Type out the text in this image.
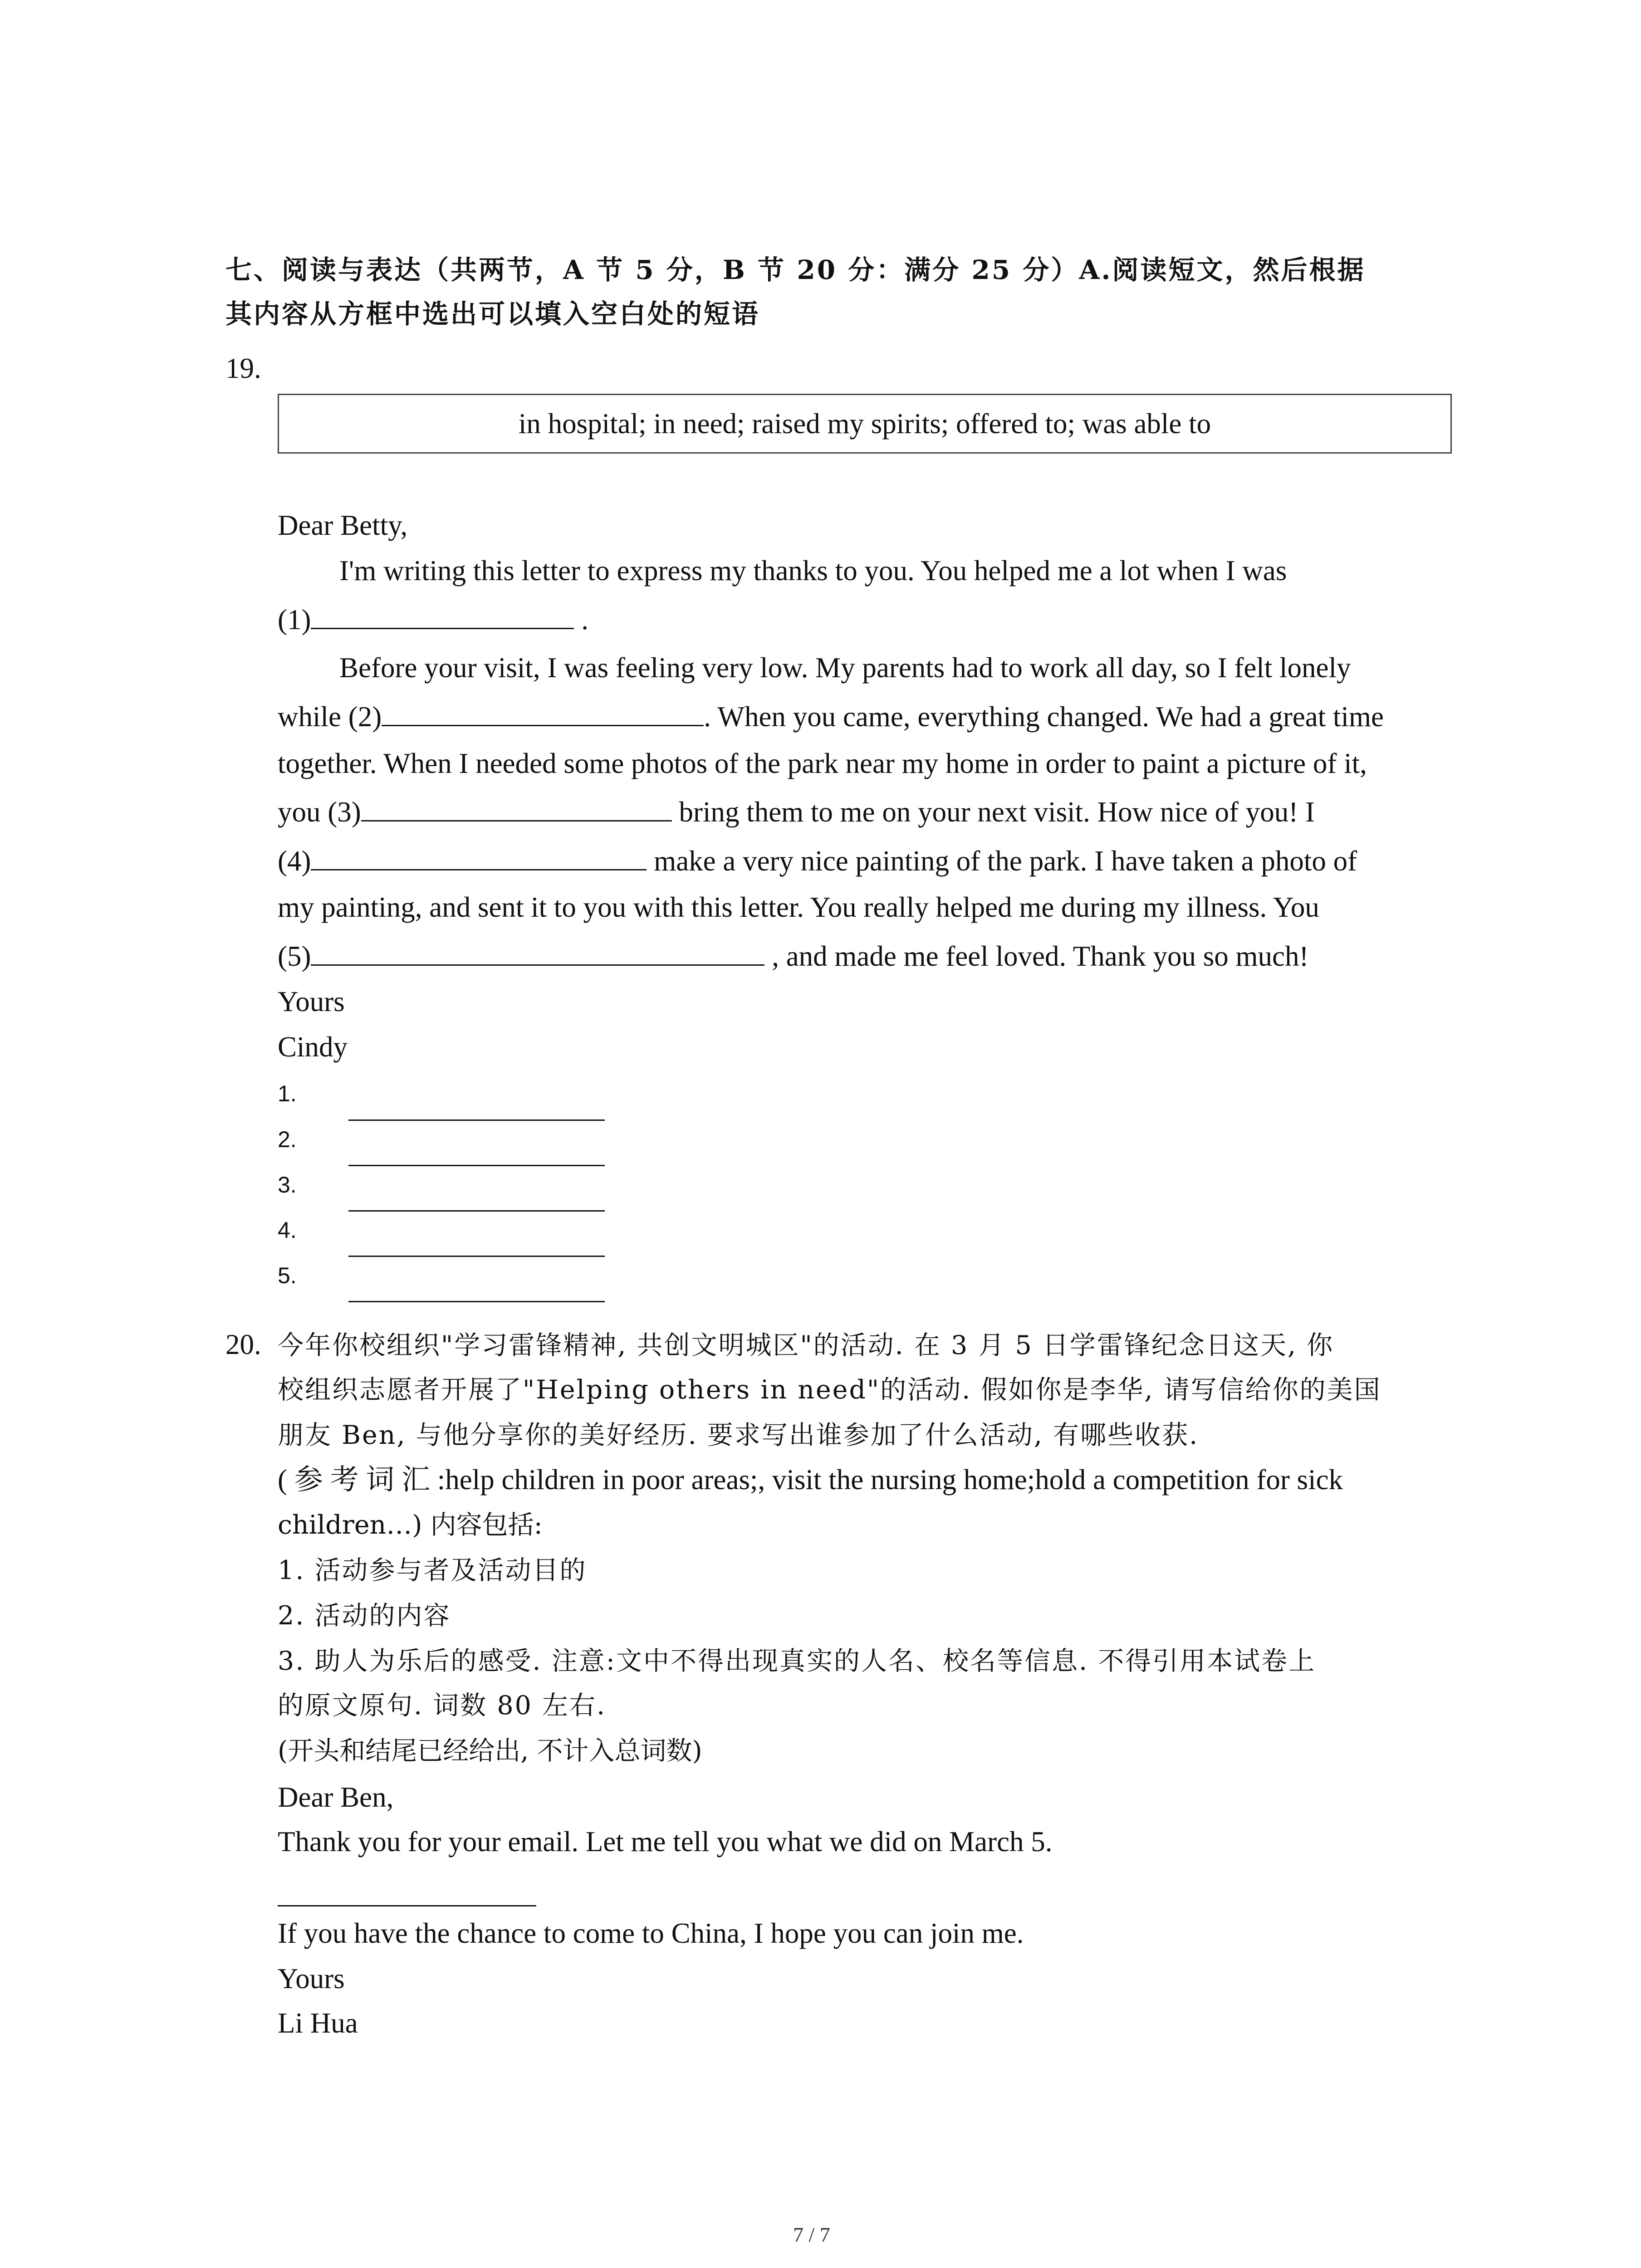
七、阅读与表达（共两节，A 节 5 分，B 节 20 分：满分 25 分）A.阅读短文，然后根据
其内容从方框中选出可以填入空白处的短语
19.
in hospital; in need; raised my spirits; offered to; was able to
Dear Betty,
I'm writing this letter to express my thanks to you. You helped me a lot when I was
(1)	.
Before your visit, I was feeling very low. My parents had to work all day, so I felt lonely
while (2)	. When you came, everything changed. We had a great time
together. When I needed some photos of the park near my home in order to paint a picture of it,
you (3)	bring them to me on your next visit. How nice of you! I
(4)	make a very nice painting of the park. I have taken a photo of
my painting, and sent it to you with this letter. You really helped me during my illness. You
(5)	, and made me feel loved. Thank you so much!
Yours
Cindy
1.
2.
3.
4.
5.
20. 今年你校组织"学习雷锋精神, 共创文明城区"的活动. 在 3 月 5 日学雷锋纪念日这天, 你
校组织志愿者开展了"Helping others in need"的活动. 假如你是李华, 请写信给你的美国
朋友 Ben, 与他分享你的美好经历. 要求写出谁参加了什么活动, 有哪些收获.
( 参 考 词 汇 :help children in poor areas;, visit the nursing home;hold a competition for sick
children…) 内容包括:
1. 活动参与者及活动目的
2. 活动的内容
3. 助人为乐后的感受. 注意:文中不得出现真实的人名、校名等信息. 不得引用本试卷上
的原文原句. 词数 80 左右.
(开头和结尾已经给出, 不计入总词数)
Dear Ben,
Thank you for your email. Let me tell you what we did on March 5.
If you have the chance to come to China, I hope you can join me.
Yours
Li Hua
7 / 7
